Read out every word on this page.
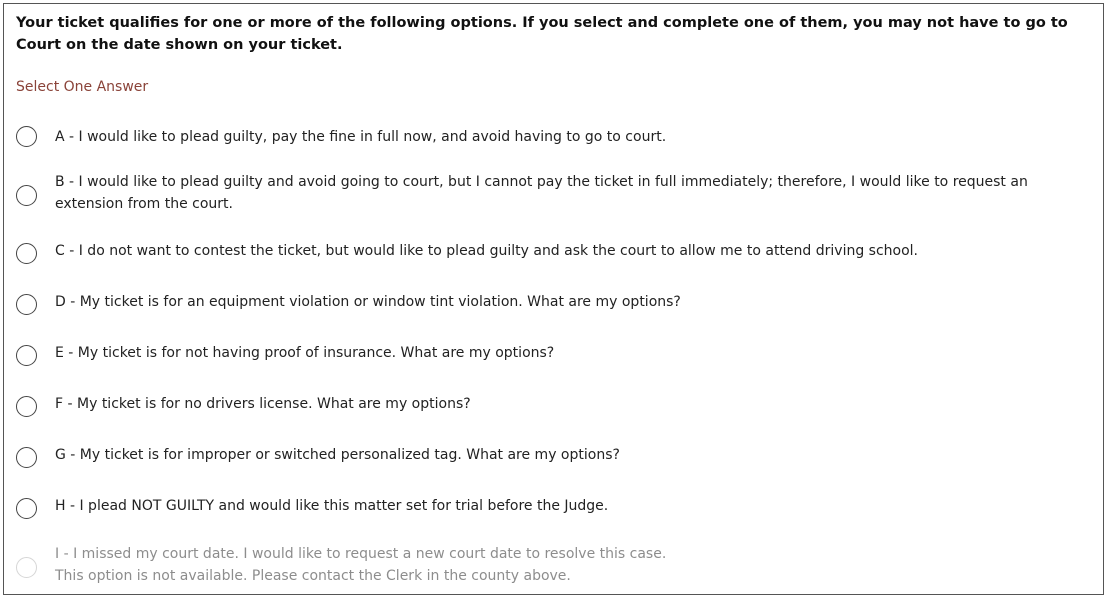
Your ticket qualifies for one or more of the following options. If you select and complete one of them, you may not have to go to Court on the date shown on your ticket.
Select One Answer
A - I would like to plead guilty, pay the fine in full now, and avoid having to go to court.
B - I would like to plead guilty and avoid going to court, but I cannot pay the ticket in full immediately; therefore, I would like to request an extension from the court.
C - I do not want to contest the ticket, but would like to plead guilty and ask the court to allow me to attend driving school.
D - My ticket is for an equipment violation or window tint violation. What are my options?
E - My ticket is for not having proof of insurance. What are my options?
F - My ticket is for no drivers license. What are my options?
G - My ticket is for improper or switched personalized tag. What are my options?
H - I plead NOT GUILTY and would like this matter set for trial before the Judge.
I - I missed my court date. I would like to request a new court date to resolve this case.
This option is not available. Please contact the Clerk in the county above.
